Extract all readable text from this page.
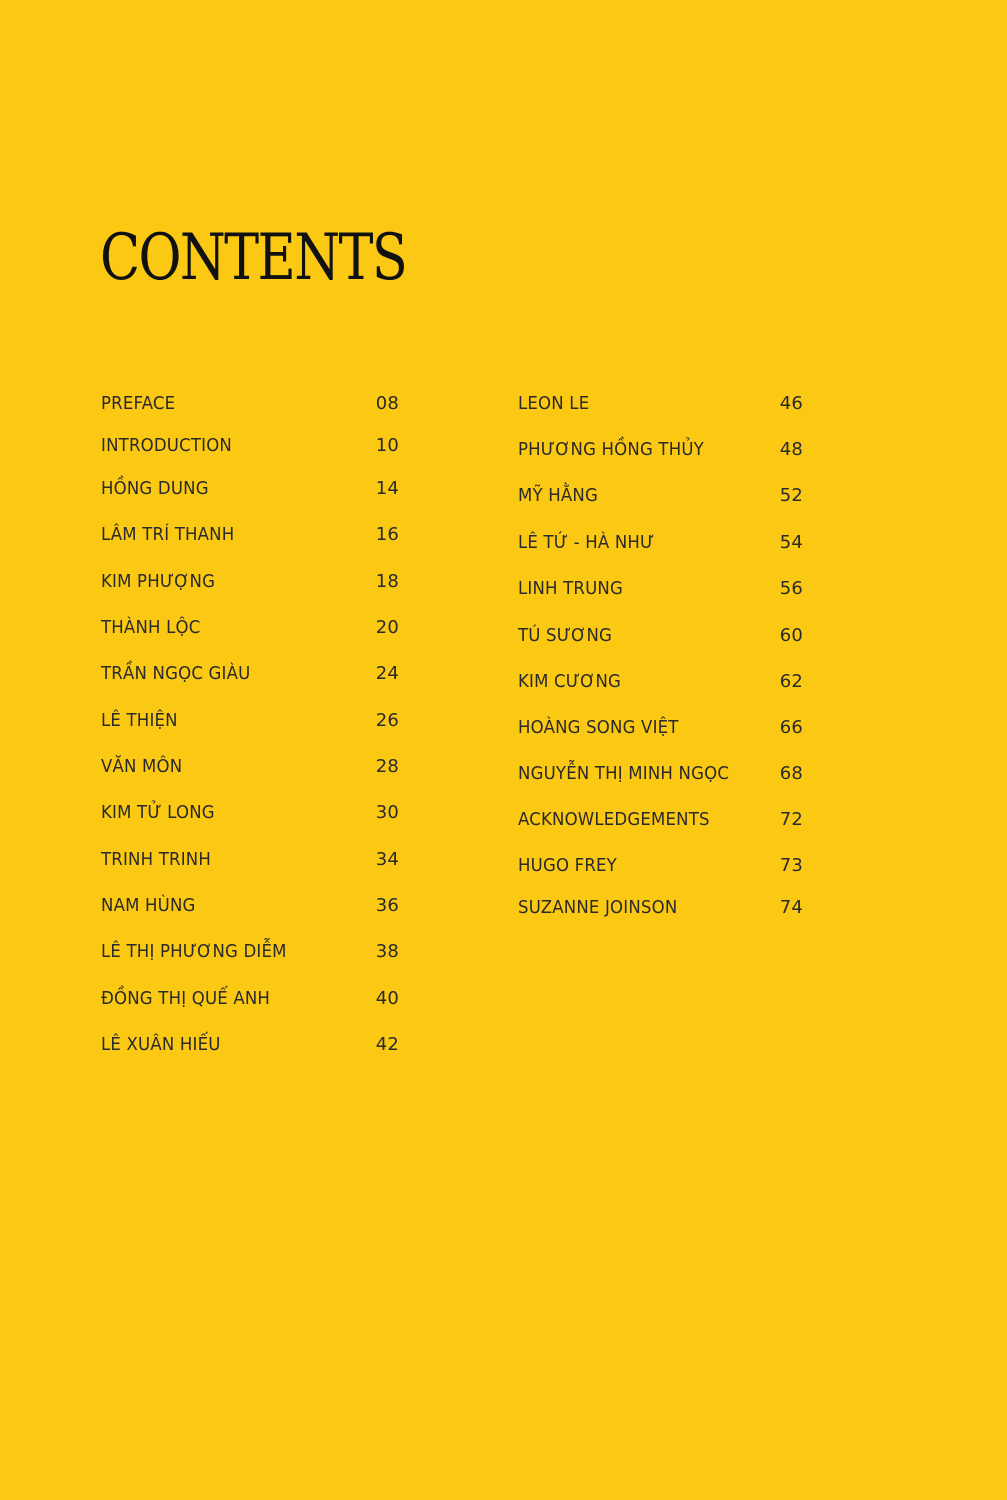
CONTENTS
PREFACE	08
INTRODUCTION	10
HỒNG DUNG	14
LÂM TRÍ THANH	16
KIM PHƯỢNG	18
THÀNH LỘC	20
TRẦN NGỌC GIÀU	24
LÊ THIỆN	26
VĂN MÔN	28
KIM TỬ LONG	30
TRINH TRINH	34
NAM HÙNG	36
LÊ THỊ PHƯƠNG DIỄM	38
ĐỒNG THỊ QUẾ ANH	40
LÊ XUÂN HIẾU	42
LEON LE	46
PHƯƠNG HỒNG THỦY	48
MỸ HẰNG	52
LÊ TỨ - HÀ NHƯ	54
LINH TRUNG	56
TÚ SƯƠNG	60
KIM CƯƠNG	62
HOÀNG SONG VIỆT	66
NGUYỄN THỊ MINH NGỌC	68
ACKNOWLEDGEMENTS	72
HUGO FREY	73
SUZANNE JOINSON	74
